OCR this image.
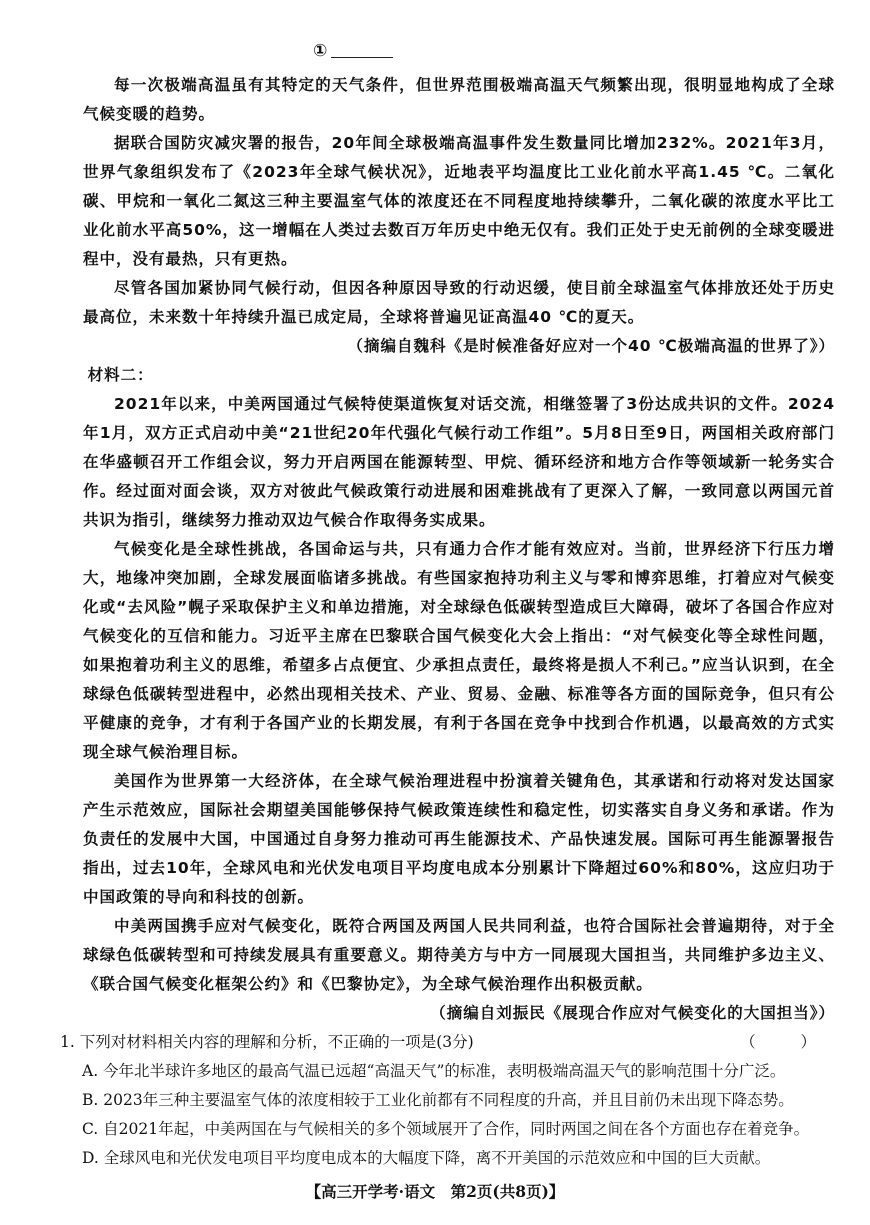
①

每一次极端高温虽有其特定的天气条件，但世界范围极端高温天气频繁出现，很明显地构成了全球气候变暖的趋势。

据联合国防灾减灾署的报告，20年间全球极端高温事件发生数量同比增加232%。2021年3月，世界气象组织发布了《2023年全球气候状况》，近地表平均温度比工业化前水平高1.45 ℃。二氧化碳、甲烷和一氧化二氮这三种主要温室气体的浓度还在不同程度地持续攀升，二氧化碳的浓度水平比工业化前水平高50%，这一增幅在人类过去数百万年历史中绝无仅有。我们正处于史无前例的全球变暖进程中，没有最热，只有更热。

尽管各国加紧协同气候行动，但因各种原因导致的行动迟缓，使目前全球温室气体排放还处于历史最高位，未来数十年持续升温已成定局，全球将普遍见证高温40 ℃的夏天。

（摘编自魏科《是时候准备好应对一个40 ℃极端高温的世界了》）

材料二：

2021年以来，中美两国通过气候特使渠道恢复对话交流，相继签署了3份达成共识的文件。2024年1月，双方正式启动中美“21世纪20年代强化气候行动工作组”。5月8日至9日，两国相关政府部门在华盛顿召开工作组会议，努力开启两国在能源转型、甲烷、循环经济和地方合作等领域新一轮务实合作。经过面对面会谈，双方对彼此气候政策行动进展和困难挑战有了更深入了解，一致同意以两国元首共识为指引，继续努力推动双边气候合作取得务实成果。

气候变化是全球性挑战，各国命运与共，只有通力合作才能有效应对。当前，世界经济下行压力增大，地缘冲突加剧，全球发展面临诸多挑战。有些国家抱持功利主义与零和博弈思维，打着应对气候变化或“去风险”幌子采取保护主义和单边措施，对全球绿色低碳转型造成巨大障碍，破坏了各国合作应对气候变化的互信和能力。习近平主席在巴黎联合国气候变化大会上指出：“对气候变化等全球性问题，如果抱着功利主义的思维，希望多占点便宜、少承担点责任，最终将是损人不利己。”应当认识到，在全球绿色低碳转型进程中，必然出现相关技术、产业、贸易、金融、标准等各方面的国际竞争，但只有公平健康的竞争，才有利于各国产业的长期发展，有利于各国在竞争中找到合作机遇，以最高效的方式实现全球气候治理目标。

美国作为世界第一大经济体，在全球气候治理进程中扮演着关键角色，其承诺和行动将对发达国家产生示范效应，国际社会期望美国能够保持气候政策连续性和稳定性，切实落实自身义务和承诺。作为负责任的发展中大国，中国通过自身努力推动可再生能源技术、产品快速发展。国际可再生能源署报告指出，过去10年，全球风电和光伏发电项目平均度电成本分别累计下降超过60%和80%，这应归功于中国政策的导向和科技的创新。

中美两国携手应对气候变化，既符合两国及两国人民共同利益，也符合国际社会普遍期待，对于全球绿色低碳转型和可持续发展具有重要意义。期待美方与中方一同展现大国担当，共同维护多边主义、《联合国气候变化框架公约》和《巴黎协定》，为全球气候治理作出积极贡献。

（摘编自刘振民《展现合作应对气候变化的大国担当》）

1. 下列对材料相关内容的理解和分析，不正确的一项是(3分)	（ ）
A. 今年北半球许多地区的最高气温已远超“高温天气”的标准，表明极端高温天气的影响范围十分广泛。
B. 2023年三种主要温室气体的浓度相较于工业化前都有不同程度的升高，并且目前仍未出现下降态势。
C. 自2021年起，中美两国在与气候相关的多个领域展开了合作，同时两国之间在各个方面也存在着竞争。
D. 全球风电和光伏发电项目平均度电成本的大幅度下降，离不开美国的示范效应和中国的巨大贡献。
【高三开学考·语文　第2页(共8页)】
